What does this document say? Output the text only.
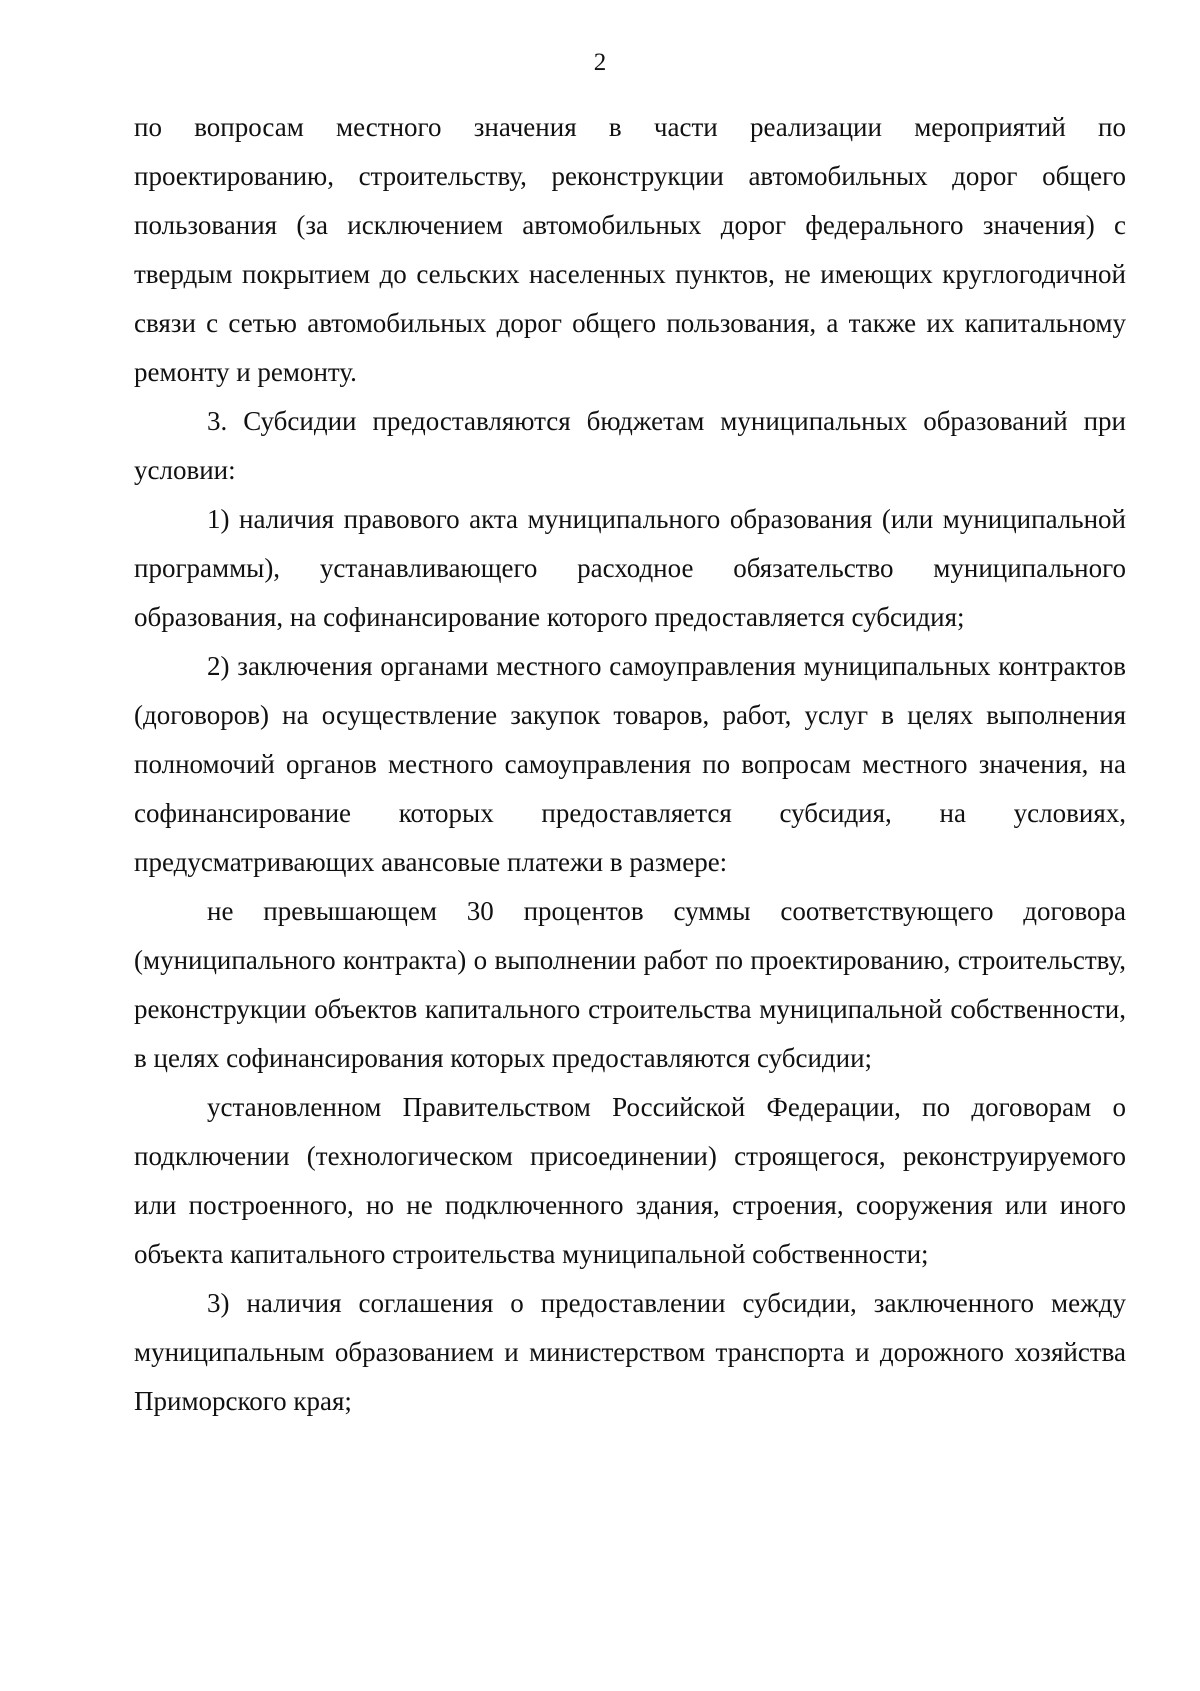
2

по вопросам местного значения в части реализации мероприятий по проектированию, строительству, реконструкции автомобильных дорог общего пользования (за исключением автомобильных дорог федерального значения) с твердым покрытием до сельских населенных пунктов, не имеющих круглогодичной связи с сетью автомобильных дорог общего пользования, а также их капитальному ремонту и ремонту.

3. Субсидии предоставляются бюджетам муниципальных образований при условии:

1) наличия правового акта муниципального образования (или муниципальной программы), устанавливающего расходное обязательство муниципального образования, на софинансирование которого предоставляется субсидия;

2) заключения органами местного самоуправления муниципальных контрактов (договоров) на осуществление закупок товаров, работ, услуг в целях выполнения полномочий органов местного самоуправления по вопросам местного значения, на софинансирование которых предоставляется субсидия, на условиях, предусматривающих авансовые платежи в размере:

не превышающем 30 процентов суммы соответствующего договора (муниципального контракта) о выполнении работ по проектированию, строительству, реконструкции объектов капитального строительства муниципальной собственности, в целях софинансирования которых предоставляются субсидии;

установленном Правительством Российской Федерации, по договорам о подключении (технологическом присоединении) строящегося, реконструируемого или построенного, но не подключенного здания, строения, сооружения или иного объекта капитального строительства муниципальной собственности;

3) наличия соглашения о предоставлении субсидии, заключенного между муниципальным образованием и министерством транспорта и дорожного хозяйства Приморского края;
